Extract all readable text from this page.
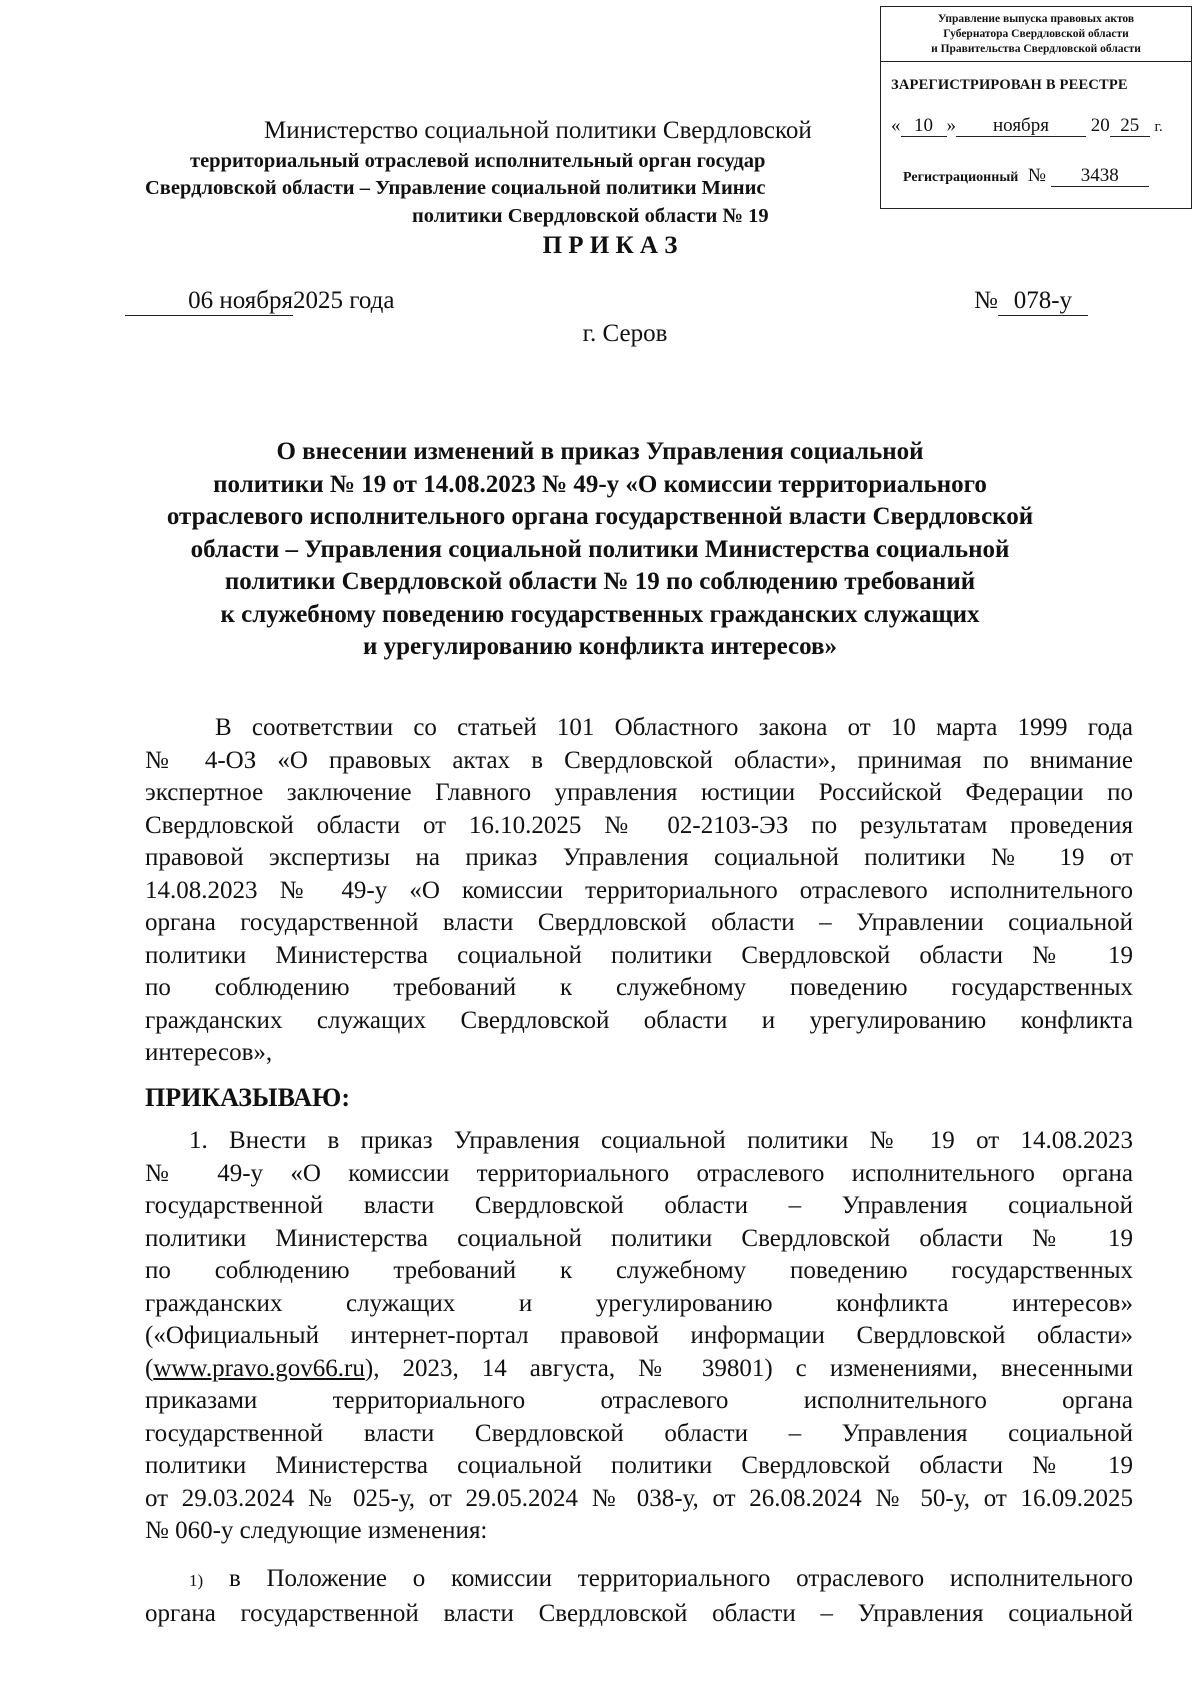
Управление выпуска правовых актов
Губернатора Свердловской области
и Правительства Свердловской области
ЗАРЕГИСТРИРОВАН В РЕЕСТРЕ
« 10 » ноября 20 25 г.
Регистрационный № 3438
Министерство социальной политики Свердловской
территориальный отраслевой исполнительный орган государ
Свердловской области – Управление социальной политики Минис
политики Свердловской области № 19
П Р И К А З
06 ноября2025 года	№ 078-у
г. Серов
О внесении изменений в приказ Управления социальной
политики № 19 от 14.08.2023 № 49-у «О комиссии территориального
отраслевого исполнительного органа государственной власти Свердловской
области – Управления социальной политики Министерства социальной
политики Свердловской области № 19 по соблюдению требований
к служебному поведению государственных гражданских служащих
и урегулированию конфликта интересов»

В соответствии со статьей 101 Областного закона от 10 марта 1999 года

№ 4-ОЗ «О правовых актах в Свердловской области», принимая по внимание

экспертное заключение Главного управления юстиции Российской Федерации по

Свердловской области от 16.10.2025 № 02-2103-ЭЗ по результатам проведения

правовой экспертизы на приказ Управления социальной политики № 19 от

14.08.2023 № 49-у «О комиссии территориального отраслевого исполнительного

органа государственной власти Свердловской области – Управлении социальной

политики Министерства социальной политики Свердловской области № 19

по соблюдению требований к служебному поведению государственных

гражданских служащих Свердловской области и урегулированию конфликта

интересов»,

ПРИКАЗЫВАЮ:

1. Внести в приказ Управления социальной политики № 19 от 14.08.2023

№ 49-у «О комиссии территориального отраслевого исполнительного органа

государственной власти Свердловской области – Управления социальной

политики Министерства социальной политики Свердловской области № 19

по соблюдению требований к служебному поведению государственных

гражданских служащих и урегулированию конфликта интересов»

(«Официальный интернет-портал правовой информации Свердловской области»

(www.pravo.gov66.ru), 2023, 14 августа, № 39801) с изменениями, внесенными

приказами территориального отраслевого исполнительного органа

государственной власти Свердловской области – Управления социальной

политики Министерства социальной политики Свердловской области № 19

от 29.03.2024 № 025-у, от 29.05.2024 № 038-у, от 26.08.2024 № 50-у, от 16.09.2025

№ 060-у следующие изменения:

1) в Положение о комиссии территориального отраслевого исполнительного

органа государственной власти Свердловской области – Управления социальной
